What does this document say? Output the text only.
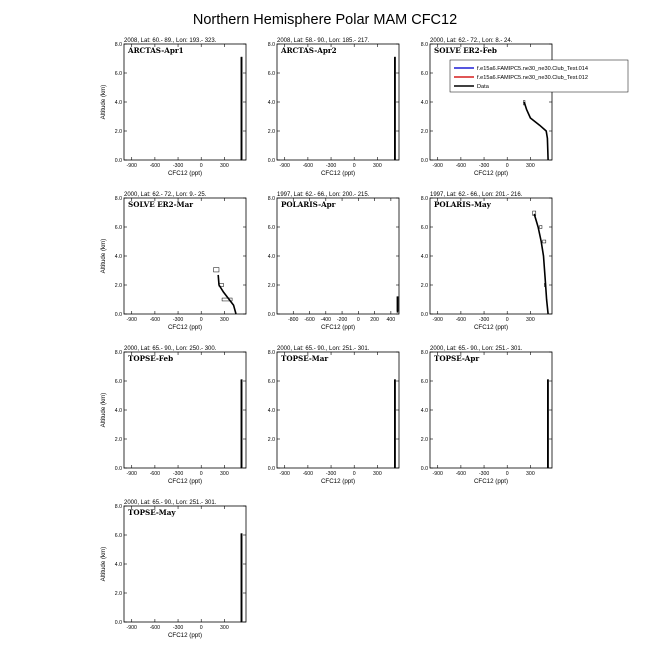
Northern Hemisphere Polar MAM CFC12
2008, Lat: 60.- 89., Lon: 193.- 323.
ARCTAS-Apr1
0.0
2.0
4.0
6.0
8.0
-900 -600 -300	0	300
CFC12 (ppt)
Altitude (km)
2008, Lat: 58.- 90., Lon: 185.- 217.
ARCTAS-Apr2
0.0
2.0
4.0
6.0
8.0
-900 -600 -300	0	300
CFC12 (ppt)
2000, Lat: 62.- 72., Lon: 8.- 24.
SOLVE ER2-Feb
0.0
2.0
4.0
6.0
8.0
-900 -600 -300	0	300
CFC12 (ppt)
f.e15a6.FAMIPC5.ne30_ne30.Club_Test.014
f.e15a6.FAMIPC5.ne30_ne30.Club_Test.012
Data
2000, Lat: 62.- 72., Lon: 9.- 25.
SOLVE ER2-Mar
0.0
2.0
4.0
6.0
8.0
-900 -600 -300	0	300
CFC12 (ppt)
Altitude (km)
1997, Lat: 62.- 66., Lon: 200.- 215.
POLARIS-Apr
0.0
2.0
4.0
6.0
8.0
-800 -600 -400 -200 0 200 400
CFC12 (ppt)
1997, Lat: 62.- 66., Lon: 201.- 216.
POLARIS-May
0.0
2.0
4.0
6.0
8.0
-900 -600 -300	0	300
CFC12 (ppt)
2000, Lat: 65.- 90., Lon: 250.- 300.
TOPSE-Feb
0.0
2.0
4.0
6.0
8.0
-900 -600 -300	0	300
CFC12 (ppt)
Altitude (km)
2000, Lat: 65.- 90., Lon: 251.- 301.
TOPSE-Mar
0.0
2.0
4.0
6.0
8.0
-900 -600 -300	0	300
CFC12 (ppt)
2000, Lat: 65.- 90., Lon: 251.- 301.
TOPSE-Apr
0.0
2.0
4.0
6.0
8.0
-900 -600 -300	0	300
CFC12 (ppt)
2000, Lat: 65.- 90., Lon: 251.- 301.
TOPSE-May
0.0
2.0
4.0
6.0
8.0
-900 -600 -300	0	300
CFC12 (ppt)
Altitude (km)
